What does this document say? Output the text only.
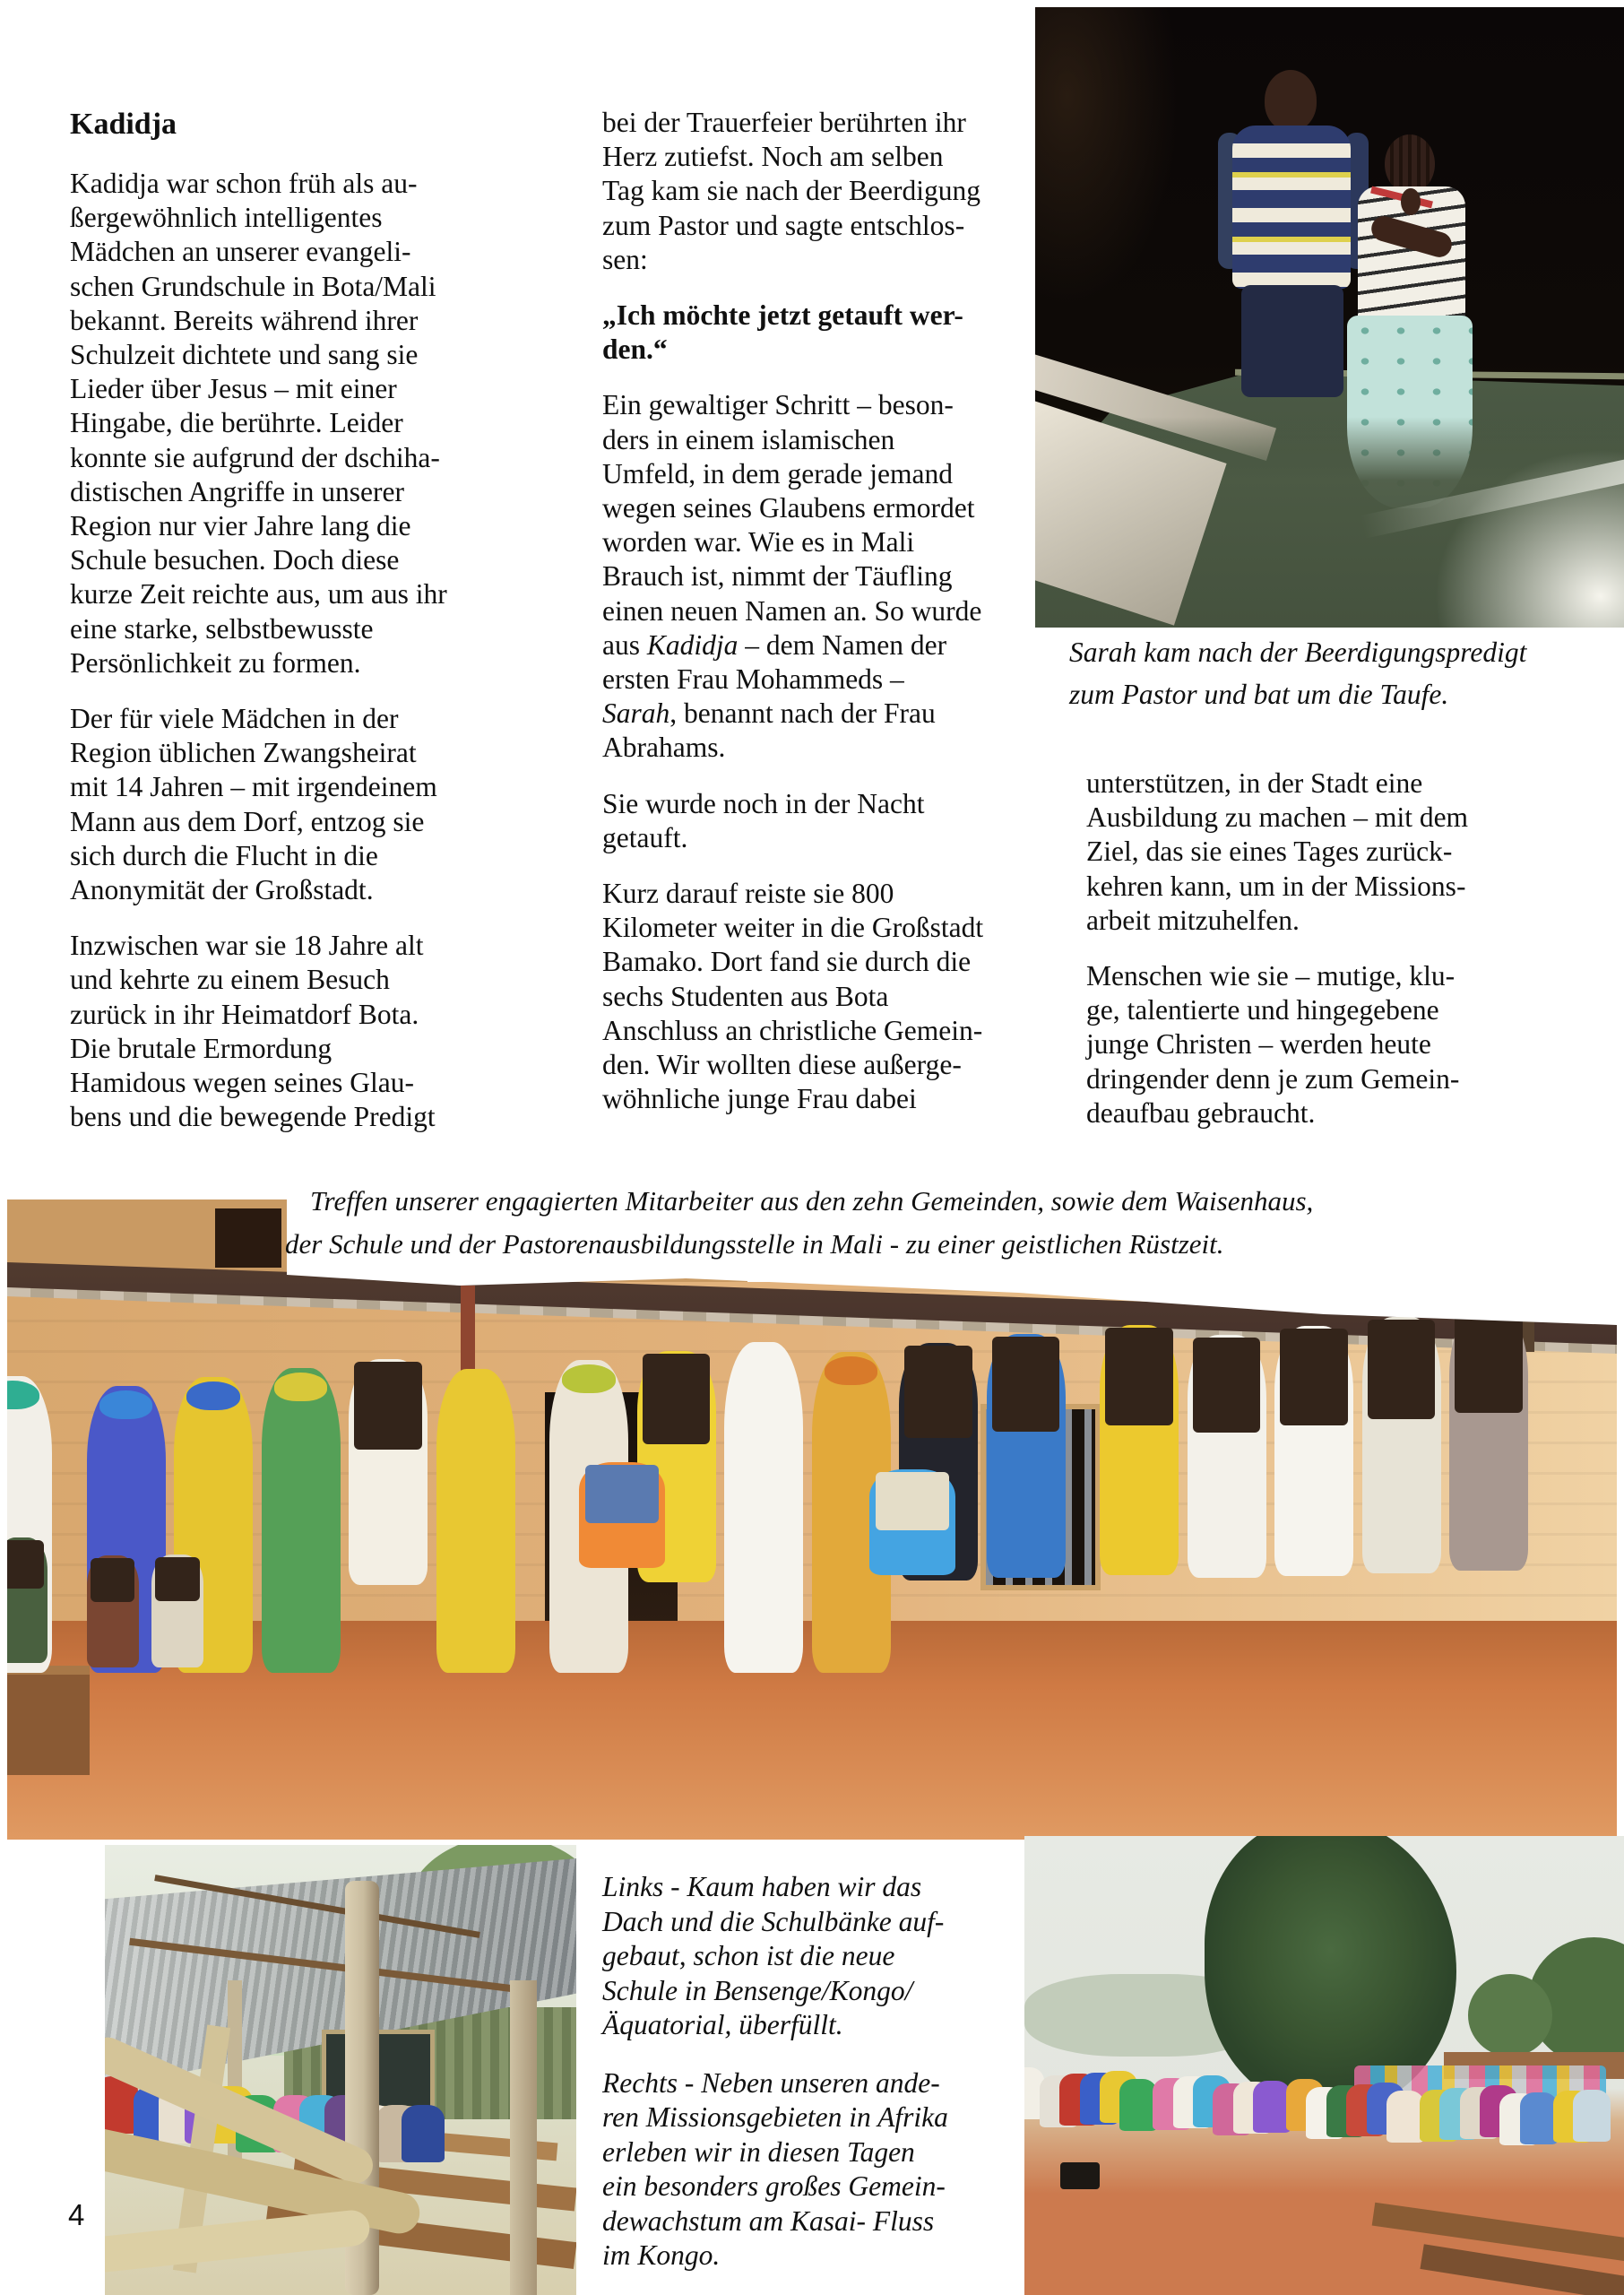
Kadidja
Kadidja war schon früh als au-
ßergewöhnlich intelligentes
Mädchen an unserer evangeli-
schen Grundschule in Bota/Mali
bekannt. Bereits während ihrer
Schulzeit dichtete und sang sie
Lieder über Jesus – mit einer
Hingabe, die berührte. Leider
konnte sie aufgrund der dschiha-
distischen Angriffe in unserer
Region nur vier Jahre lang die
Schule besuchen. Doch diese
kurze Zeit reichte aus, um aus ihr
eine starke, selbstbewusste
Persönlichkeit zu formen.
Der für viele Mädchen in der
Region üblichen Zwangsheirat
mit 14 Jahren – mit irgendeinem
Mann aus dem Dorf, entzog sie
sich durch die Flucht in die
Anonymität der Großstadt.
Inzwischen war sie 18 Jahre alt
und kehrte zu einem Besuch
zurück in ihr Heimatdorf Bota.
Die brutale Ermordung
Hamidous wegen seines Glau-
bens und die bewegende Predigt
bei der Trauerfeier berührten ihr
Herz zutiefst. Noch am selben
Tag kam sie nach der Beerdigung
zum Pastor und sagte entschlos-
sen:
„Ich möchte jetzt getauft wer-
den.“
Ein gewaltiger Schritt – beson-
ders in einem islamischen
Umfeld, in dem gerade jemand
wegen seines Glaubens ermordet
worden war. Wie es in Mali
Brauch ist, nimmt der Täufling
einen neuen Namen an. So wurde
aus Kadidja – dem Namen der
ersten Frau Mohammeds –
Sarah, benannt nach der Frau
Abrahams.
Sie wurde noch in der Nacht
getauft.
Kurz darauf reiste sie 800
Kilometer weiter in die Großstadt
Bamako. Dort fand sie durch die
sechs Studenten aus Bota
Anschluss an christliche Gemein-
den. Wir wollten diese außerge-
wöhnliche junge Frau dabei
unterstützen, in der Stadt eine
Ausbildung zu machen – mit dem
Ziel, das sie eines Tages zurück-
kehren kann, um in der Missions-
arbeit mitzuhelfen.
Menschen wie sie – mutige, klu-
ge, talentierte und hingegebene
junge Christen – werden heute
dringender denn je zum Gemein-
deaufbau gebraucht.
Sarah kam nach der Beerdigungspredigt
zum Pastor und bat um die Taufe.
Treffen unserer engagierten Mitarbeiter aus den zehn Gemeinden, sowie dem Waisenhaus,
der Schule und der Pastorenausbildungsstelle in Mali - zu einer geistlichen Rüstzeit.
Links - Kaum haben wir das
Dach und die Schulbänke auf-
gebaut, schon ist die neue
Schule in Bensenge/Kongo/
Äquatorial, überfüllt.
Rechts - Neben unseren ande-
ren Missionsgebieten in Afrika
erleben wir in diesen Tagen
ein besonders großes Gemein-
dewachstum am Kasai- Fluss
im Kongo.
4
